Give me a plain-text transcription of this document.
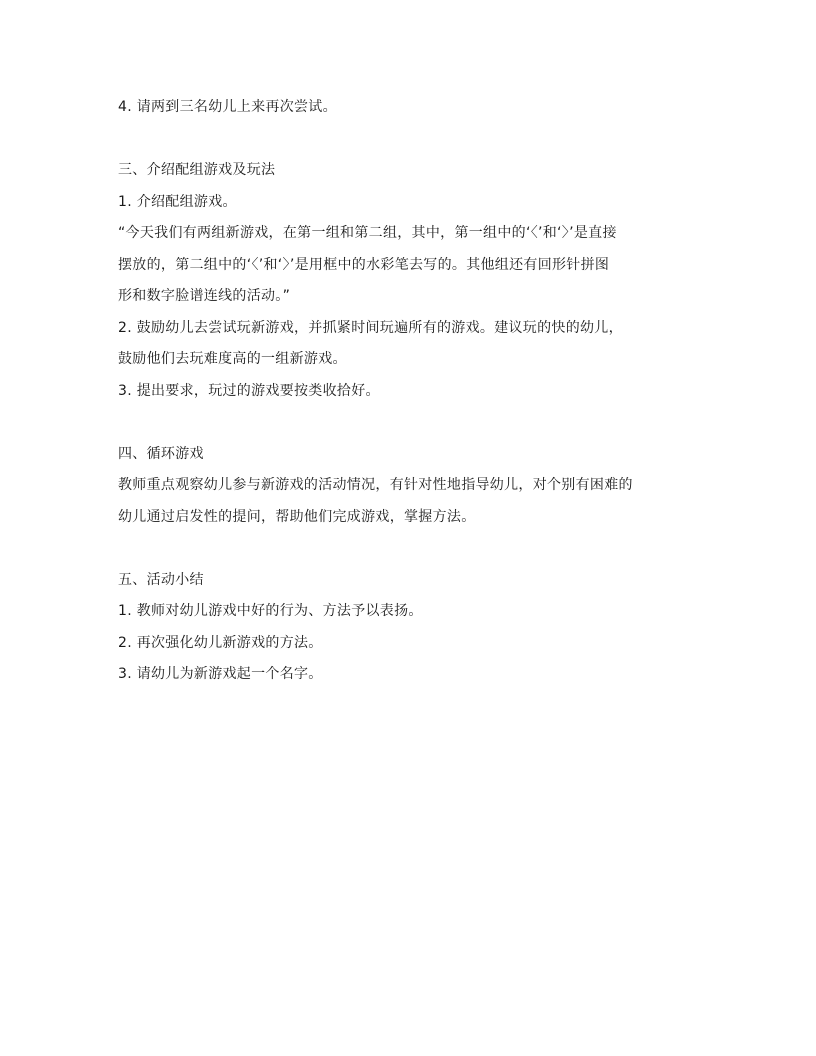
4. 请两到三名幼儿上来再次尝试。
三、介绍配组游戏及玩法
1. 介绍配组游戏。
“今天我们有两组新游戏，在第一组和第二组，其中，第一组中的‘〈’和‘〉’是直接
摆放的，第二组中的‘〈’和‘〉’是用框中的水彩笔去写的。其他组还有回形针拼图
形和数字脸谱连线的活动。”
2. 鼓励幼儿去尝试玩新游戏，并抓紧时间玩遍所有的游戏。建议玩的快的幼儿，
鼓励他们去玩难度高的一组新游戏。
3. 提出要求，玩过的游戏要按类收拾好。
四、循环游戏
教师重点观察幼儿参与新游戏的活动情况，有针对性地指导幼儿，对个别有困难的
幼儿通过启发性的提问，帮助他们完成游戏，掌握方法。
五、活动小结
1. 教师对幼儿游戏中好的行为、方法予以表扬。
2. 再次强化幼儿新游戏的方法。
3. 请幼儿为新游戏起一个名字。
